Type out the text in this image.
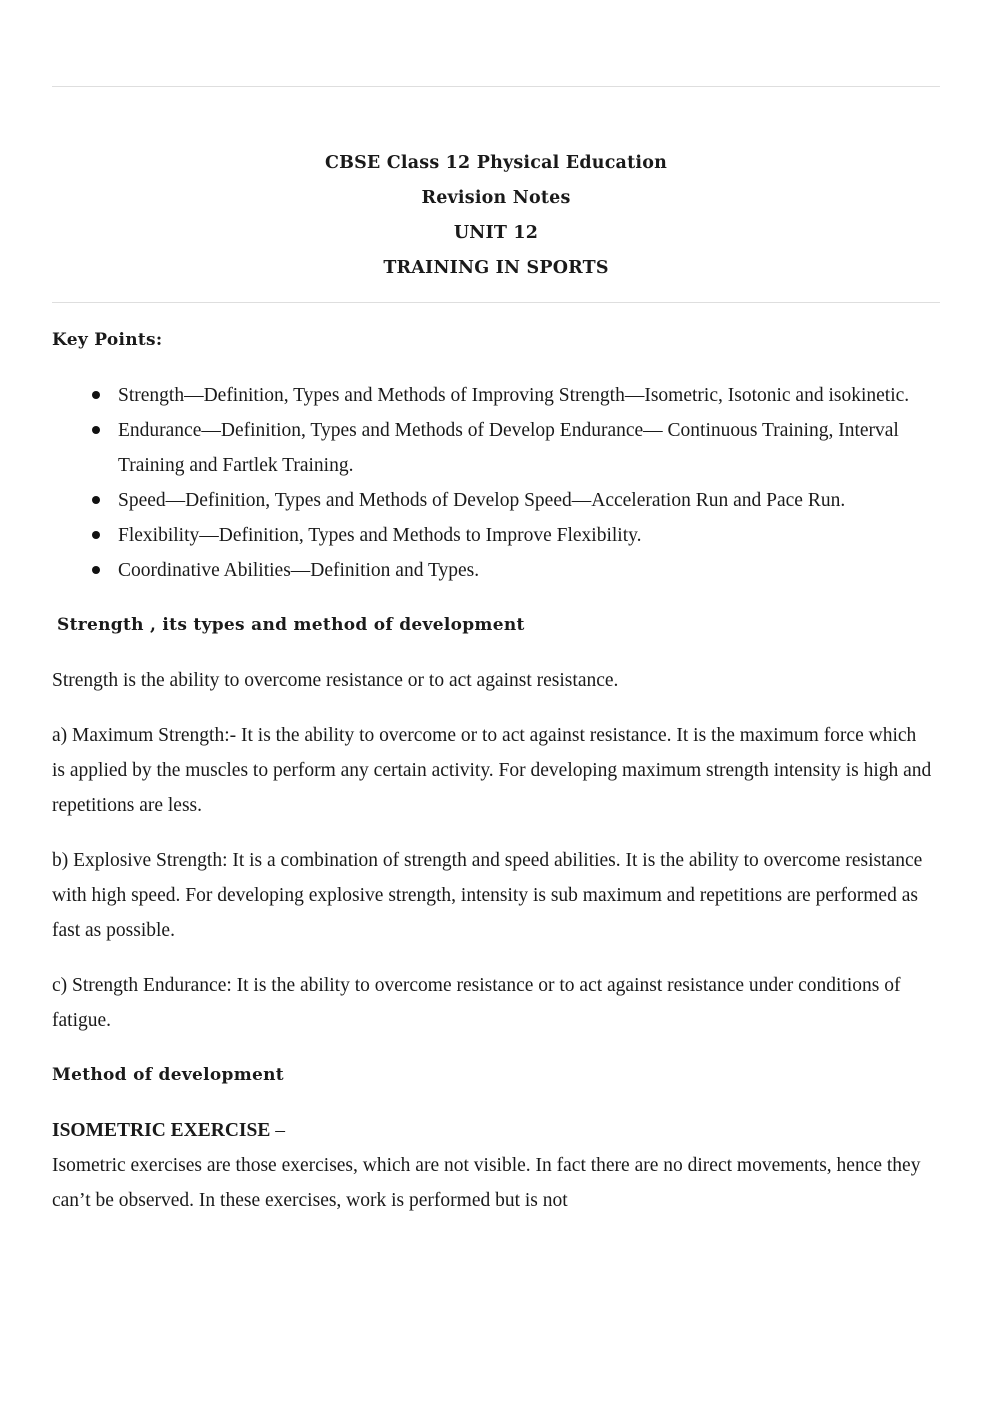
CBSE Class 12 Physical Education
Revision Notes
UNIT 12
TRAINING IN SPORTS
Key Points:
Strength—Definition, Types and Methods of Improving Strength—Isometric, Isotonic and isokinetic.
Endurance—Definition, Types and Methods of Develop Endurance— Continuous Training, Interval Training and Fartlek Training.
Speed—Definition, Types and Methods of Develop Speed—Acceleration Run and Pace Run.
Flexibility—Definition, Types and Methods to Improve Flexibility.
Coordinative Abilities—Definition and Types.
Strength , its types and method of development

Strength is the ability to overcome resistance or to act against resistance.

a) Maximum Strength:- It is the ability to overcome or to act against resistance. It is the maximum force which is applied by the muscles to perform any certain activity. For developing maximum strength intensity is high and repetitions are less.

b) Explosive Strength: It is a combination of strength and speed abilities. It is the ability to overcome resistance with high speed. For developing explosive strength, intensity is sub maximum and repetitions are performed as fast as possible.

c) Strength Endurance: It is the ability to overcome resistance or to act against resistance under conditions of fatigue.

Method of development
ISOMETRIC EXERCISE –

Isometric exercises are those exercises, which are not visible. In fact there are no direct movements, hence they can’t be observed. In these exercises, work is performed but is not
